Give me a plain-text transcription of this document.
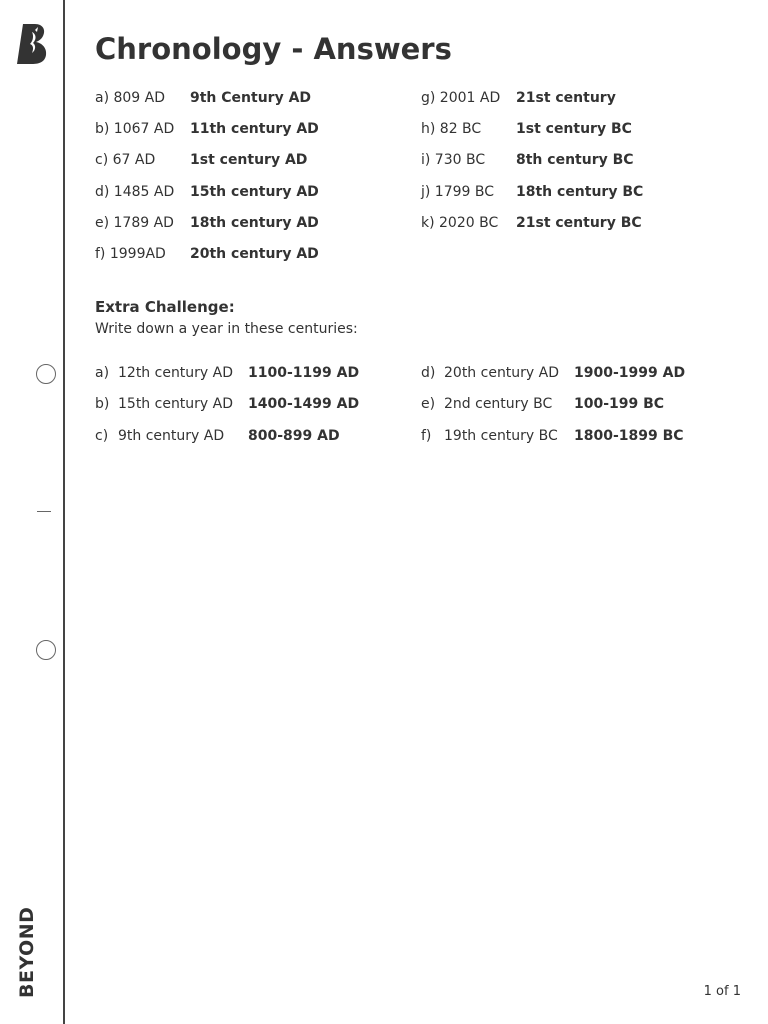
BEYOND
Chronology - Answers
a) 809 AD 9th Century AD
b) 1067 AD 11th century AD
c) 67 AD 1st century AD
d) 1485 AD 15th century AD
e) 1789 AD 18th century AD
f) 1999AD 20th century AD
g) 2001 AD 21st century
h) 82 BC 1st century BC
i) 730 BC 8th century BC
j) 1799 BC 18th century BC
k) 2020 BC 21st century BC
Extra Challenge:
Write down a year in these centuries:
a) 12th century AD 1100-1199 AD
b) 15th century AD 1400-1499 AD
c) 9th century AD 800-899 AD
d) 20th century AD 1900-1999 AD
e) 2nd century BC 100-199 BC
f) 19th century BC 1800-1899 BC
1 of 1
